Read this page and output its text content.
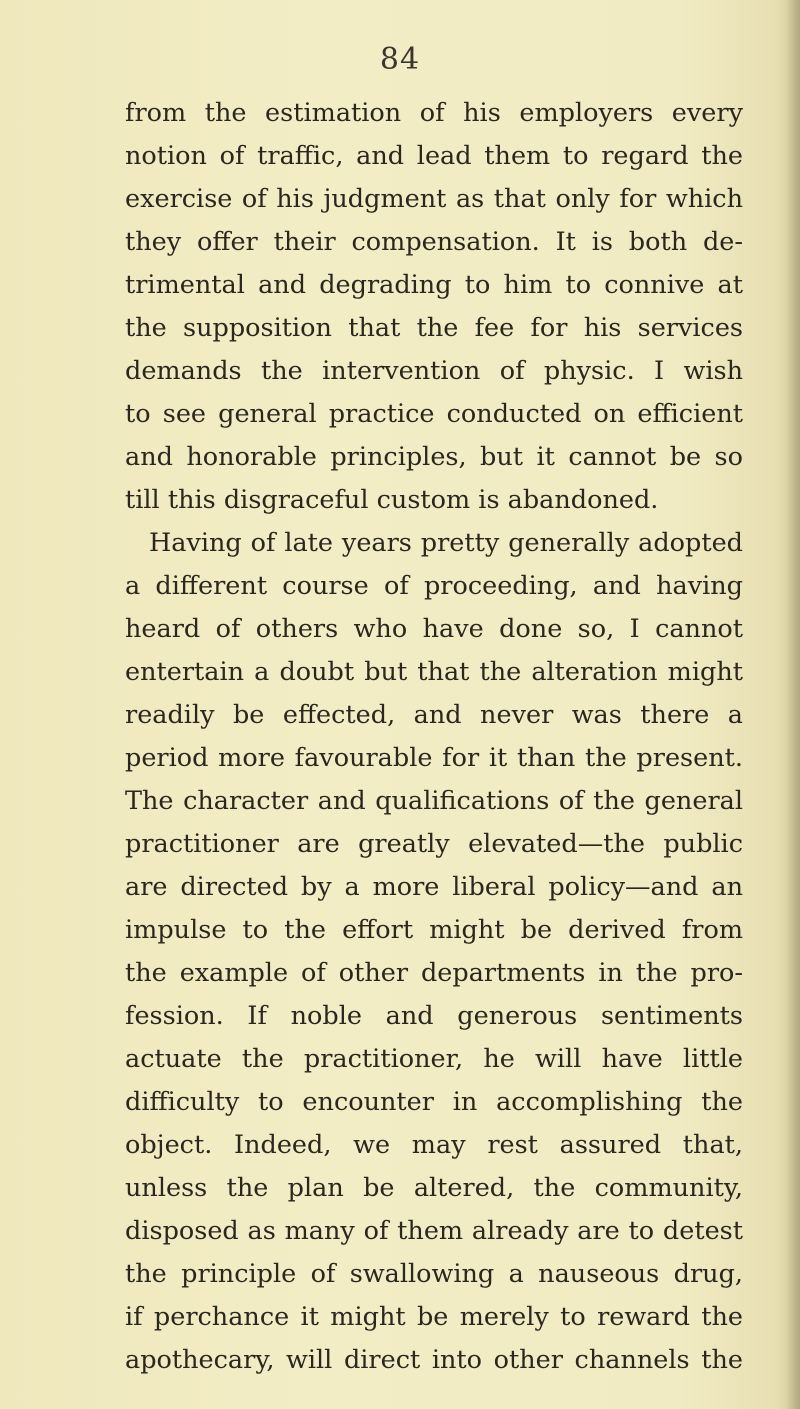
84
from the estimation of his employers every
notion of traffic, and lead them to regard the
exercise of his judgment as that only for which
they offer their compensation. It is both de-
trimental and degrading to him to connive at
the supposition that the fee for his services
demands the intervention of physic. I wish
to see general practice conducted on efficient
and honorable principles, but it cannot be so
till this disgraceful custom is abandoned.
Having of late years pretty generally adopted
a different course of proceeding, and having
heard of others who have done so, I cannot
entertain a doubt but that the alteration might
readily be effected, and never was there a
period more favourable for it than the present.
The character and qualifications of the general
practitioner are greatly elevated—the public
are directed by a more liberal policy—and an
impulse to the effort might be derived from
the example of other departments in the pro-
fession. If noble and generous sentiments
actuate the practitioner, he will have little
difficulty to encounter in accomplishing the
object. Indeed, we may rest assured that,
unless the plan be altered, the community,
disposed as many of them already are to detest
the principle of swallowing a nauseous drug,
if perchance it might be merely to reward the
apothecary, will direct into other channels the
